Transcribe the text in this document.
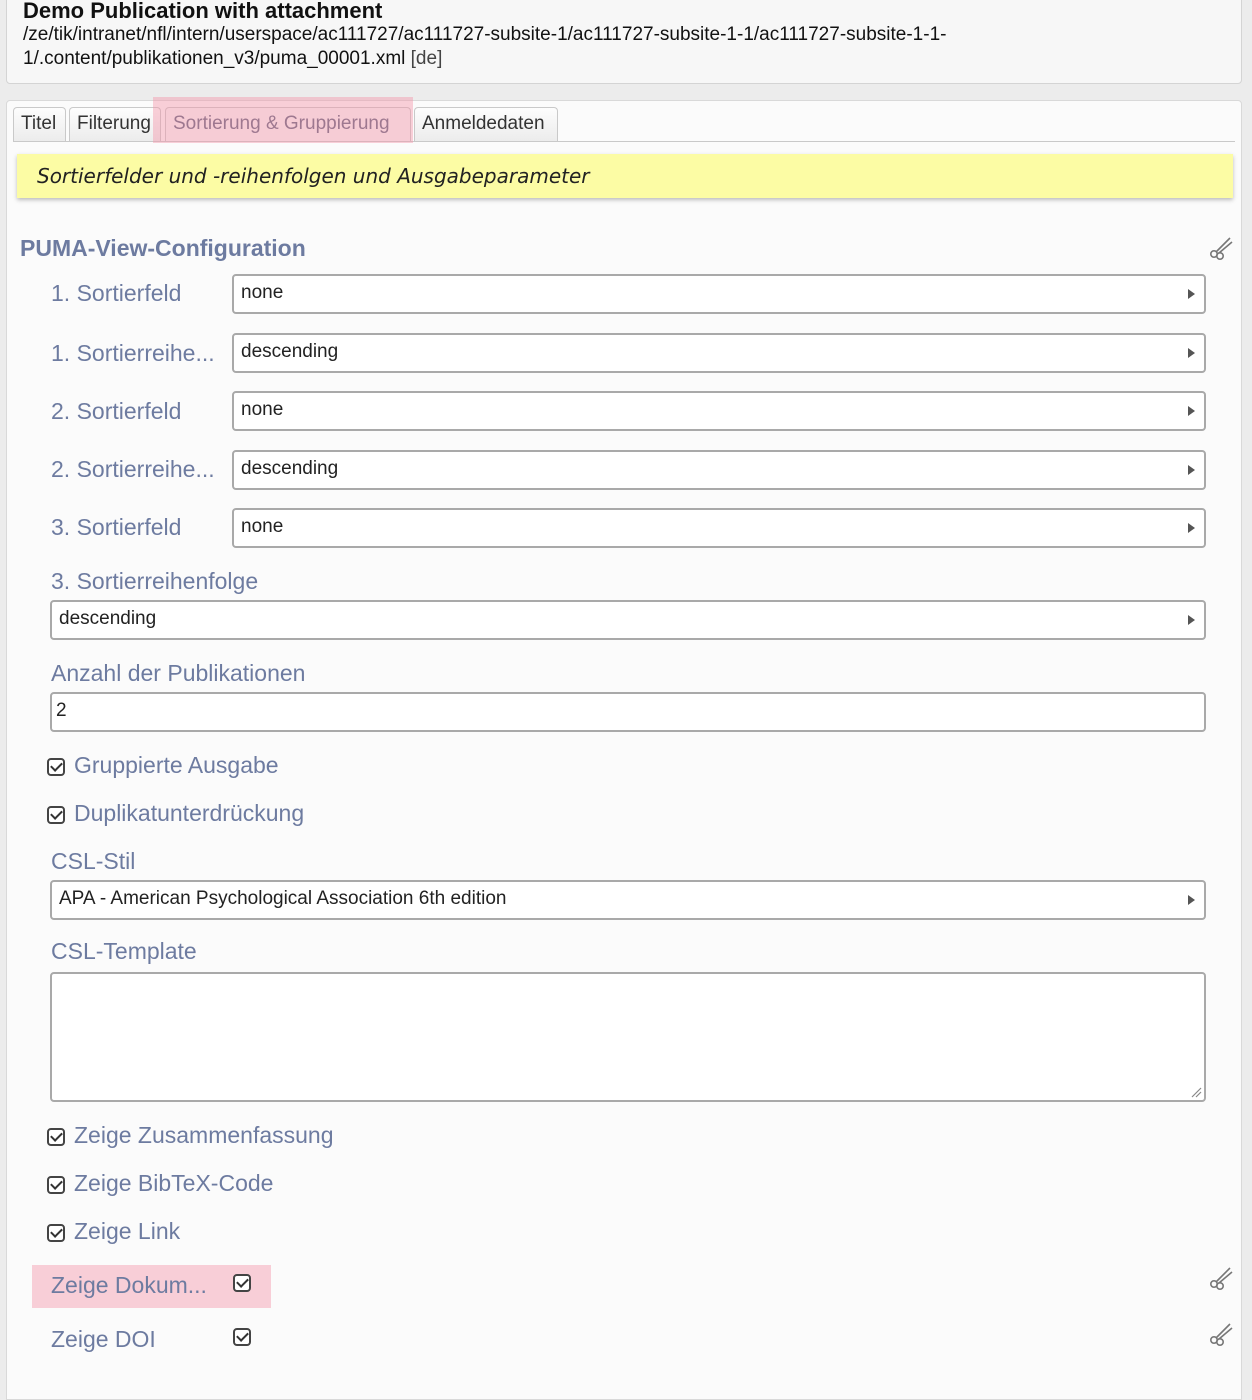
Demo Publication with attachment
/ze/tik/intranet/nfl/intern/userspace/ac111727/ac111727-subsite-1/ac111727-subsite-1-1/ac111727-subsite-1-1-
1/.content/publikationen_v3/puma_00001.xml [de]
Titel	Filterung	Sortierung & Gruppierung	Anmeldedaten
Sortierfelder und -reihenfolgen und Ausgabeparameter
PUMA-View-Configuration
1. Sortierfeld	none
1. Sortierreihe...	descending
2. Sortierfeld	none
2. Sortierreihe...	descending
3. Sortierfeld	none
3. Sortierreihenfolge
descending
Anzahl der Publikationen
2
Gruppierte Ausgabe
Duplikatunterdrückung
CSL-Stil
APA - American Psychological Association 6th edition
CSL-Template
Zeige Zusammenfassung
Zeige BibTeX-Code
Zeige Link
Zeige Dokum...
Zeige DOI
